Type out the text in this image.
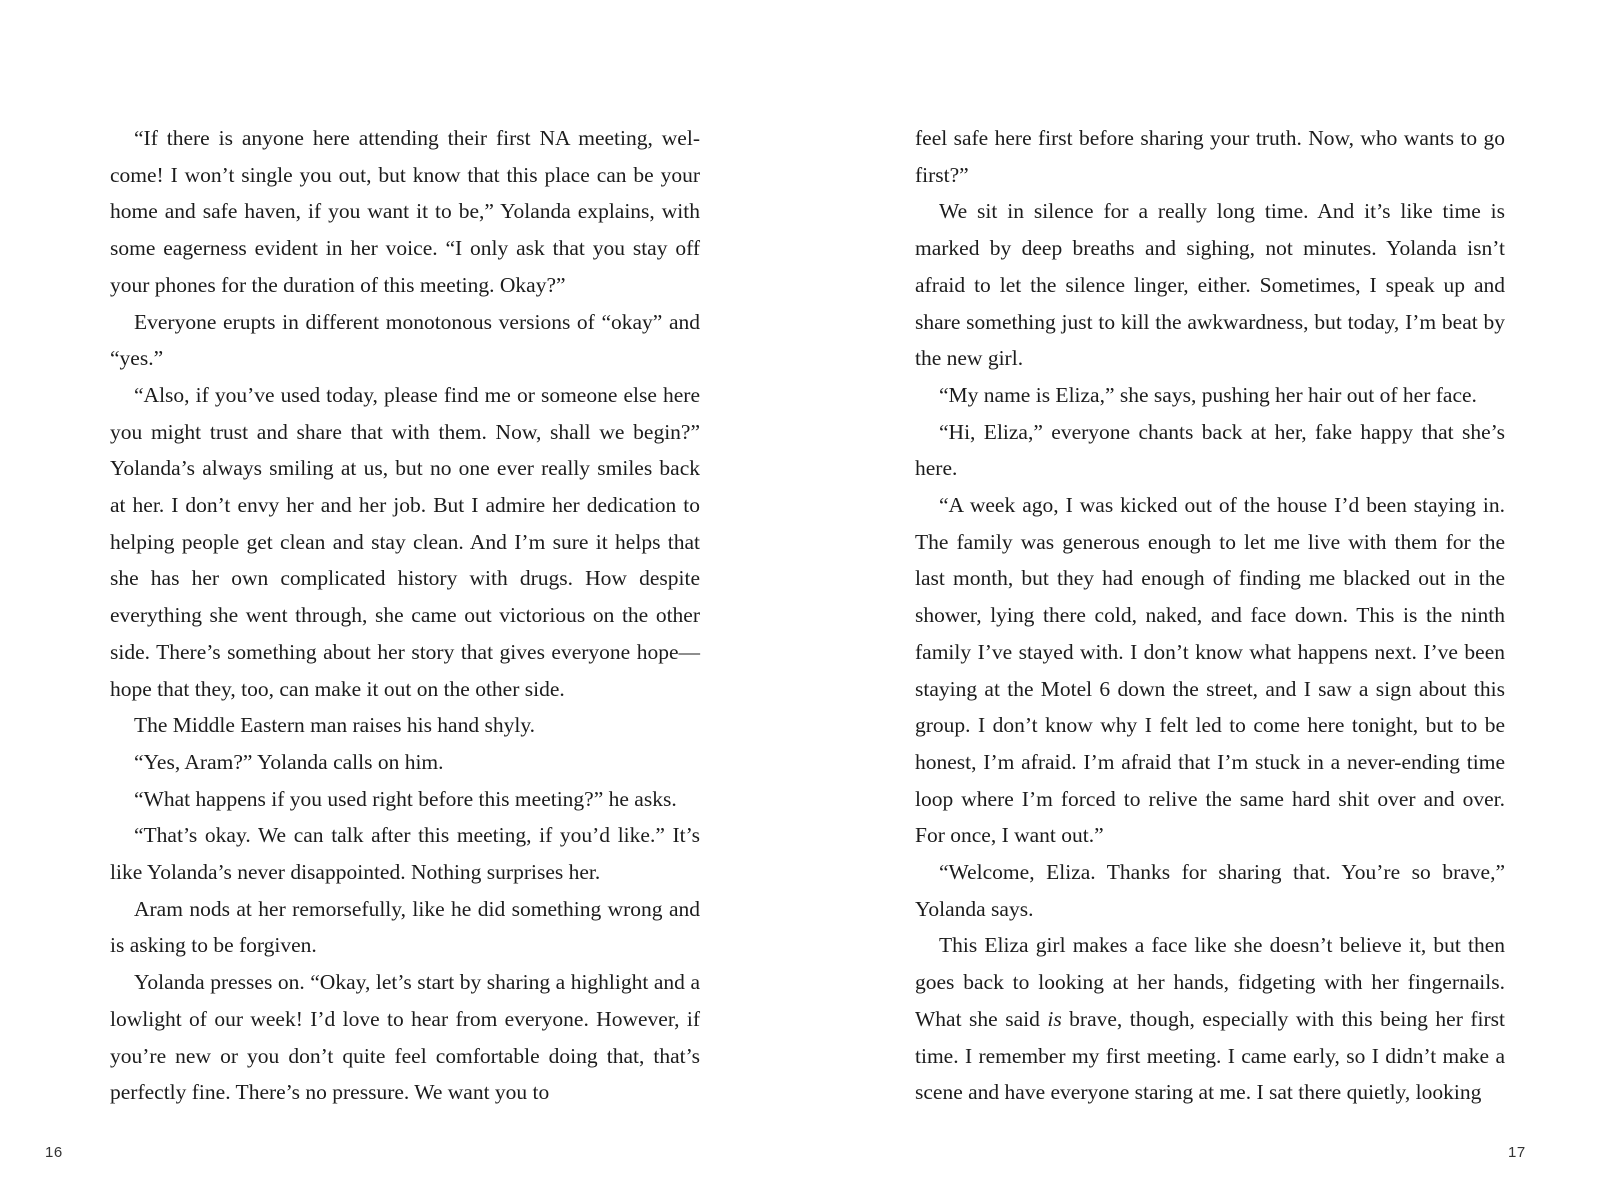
“If there is anyone here attending their first NA meeting, welcome! I won’t single you out, but know that this place can be your home and safe haven, if you want it to be,” Yolanda explains, with some eagerness evident in her voice. “I only ask that you stay off your phones for the duration of this meeting. Okay?”

Everyone erupts in different monotonous versions of “okay” and “yes.”

“Also, if you’ve used today, please find me or someone else here you might trust and share that with them. Now, shall we begin?” Yolanda’s always smiling at us, but no one ever really smiles back at her. I don’t envy her and her job. But I admire her dedication to helping people get clean and stay clean. And I’m sure it helps that she has her own complicated history with drugs. How despite everything she went through, she came out victorious on the other side. There’s something about her story that gives everyone hope—hope that they, too, can make it out on the other side.

The Middle Eastern man raises his hand shyly.

“Yes, Aram?” Yolanda calls on him.

“What happens if you used right before this meeting?” he asks.

“That’s okay. We can talk after this meeting, if you’d like.” It’s like Yolanda’s never disappointed. Nothing surprises her.

Aram nods at her remorsefully, like he did something wrong and is asking to be forgiven.

Yolanda presses on. “Okay, let’s start by sharing a highlight and a lowlight of our week! I’d love to hear from everyone. However, if you’re new or you don’t quite feel comfortable doing that, that’s perfectly fine. There’s no pressure. We want you to

16

feel safe here first before sharing your truth. Now, who wants to go first?”

We sit in silence for a really long time. And it’s like time is marked by deep breaths and sighing, not minutes. Yolanda isn’t afraid to let the silence linger, either. Sometimes, I speak up and share something just to kill the awkwardness, but today, I’m beat by the new girl.

“My name is Eliza,” she says, pushing her hair out of her face.

“Hi, Eliza,” everyone chants back at her, fake happy that she’s here.

“A week ago, I was kicked out of the house I’d been staying in. The family was generous enough to let me live with them for the last month, but they had enough of finding me blacked out in the shower, lying there cold, naked, and face down. This is the ninth family I’ve stayed with. I don’t know what happens next. I’ve been staying at the Motel 6 down the street, and I saw a sign about this group. I don’t know why I felt led to come here tonight, but to be honest, I’m afraid. I’m afraid that I’m stuck in a never-ending time loop where I’m forced to relive the same hard shit over and over. For once, I want out.”

“Welcome, Eliza. Thanks for sharing that. You’re so brave,” Yolanda says.

This Eliza girl makes a face like she doesn’t believe it, but then goes back to looking at her hands, fidgeting with her fingernails. What she said is brave, though, especially with this being her first time. I remember my first meeting. I came early, so I didn’t make a scene and have everyone staring at me. I sat there quietly, looking

17
